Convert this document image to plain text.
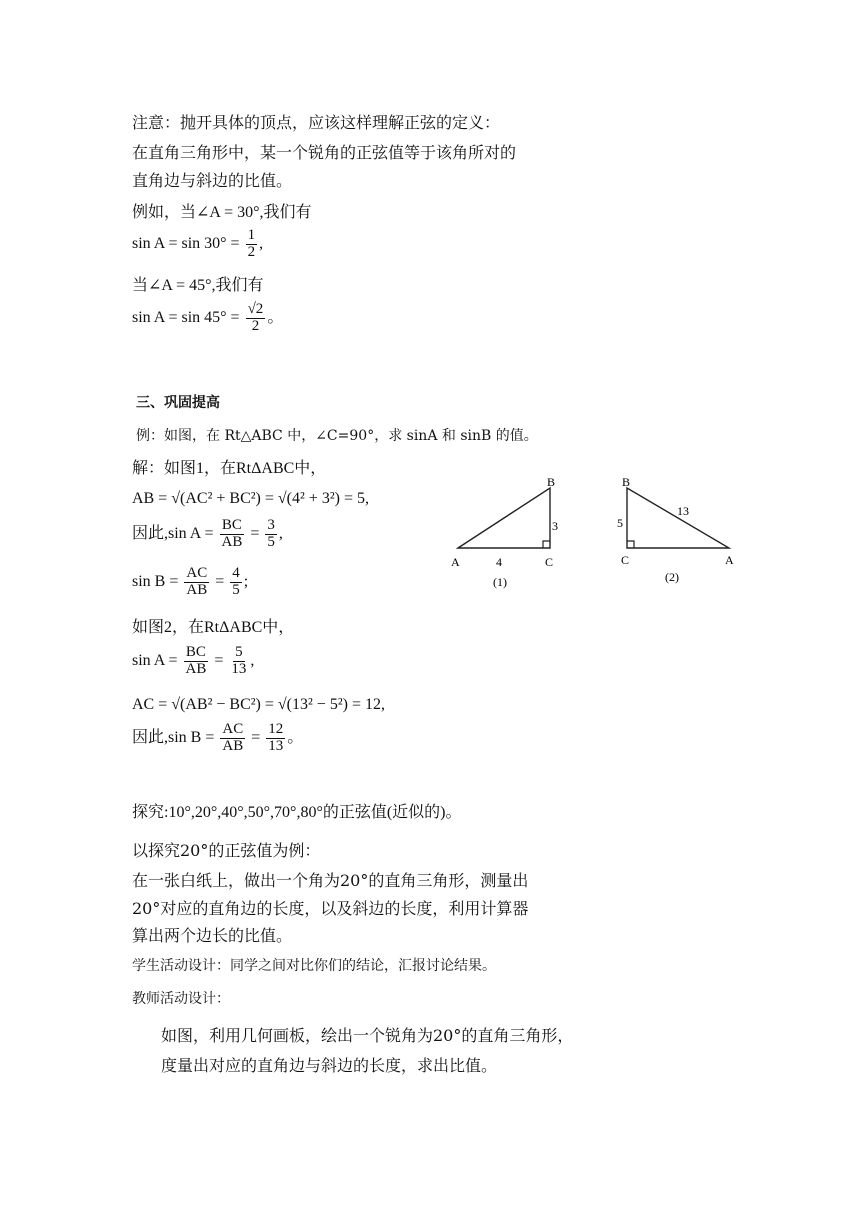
注意：抛开具体的顶点，应该这样理解正弦的定义：
在直角三角形中，某一个锐角的正弦值等于该角所对的
直角边与斜边的比值。
例如，当∠A = 30°,我们有
$\sin A = \sin 30^\circ = \frac{1}{2}$ ,
当∠A = 45°,我们有
$\sin A = \sin 45^\circ = \frac{√2}{2}$ 。
三、巩固提高
例：如图，在 Rt△ABC 中，∠C=90°，求 sinA 和 sinB 的值。
解：如图1，在RtΔABC中，
AB = √(AC² + BC²) = √(4² + 3²) = 5,
因此,sin $A = \frac{BC}{AB} = \frac{3}{5}$ ,
$\sin B = \frac{AC}{AB} = \frac{4}{5}$ ;
如图2，在RtΔABC中，
$\sin A = \frac{BC}{AB} = \frac{5}{13}$ ,
AC = √(AB² − BC²) = √(13² − 5²) = 12,
因此,sin $B = \frac{AC}{AB} = \frac{12}{13}$ 。
A
B
C
4
3
(1)
B
C	A
5
13
(2)
探究:10°,20°,40°,50°,70°,80°的正弦值(近似的)。
以探究20°的正弦值为例：
在一张白纸上，做出一个角为20°的直角三角形，测量出
20°对应的直角边的长度，以及斜边的长度，利用计算器
算出两个边长的比值。
学生活动设计：同学之间对比你们的结论，汇报讨论结果。
教师活动设计：
如图，利用几何画板，绘出一个锐角为20°的直角三角形，
度量出对应的直角边与斜边的长度，求出比值。
